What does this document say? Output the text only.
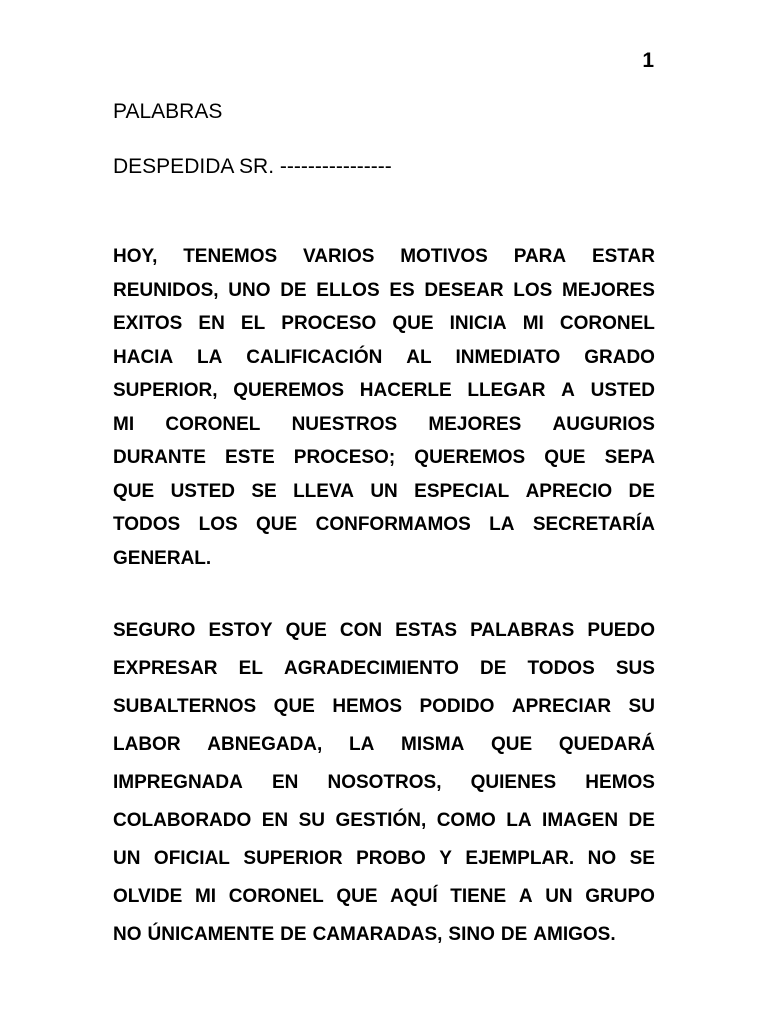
1
PALABRAS
DESPEDIDA SR. ----------------
HOY, TENEMOS VARIOS MOTIVOS PARA ESTAR
REUNIDOS, UNO DE ELLOS ES DESEAR LOS MEJORES
EXITOS EN EL PROCESO QUE INICIA MI CORONEL
HACIA LA CALIFICACIÓN AL INMEDIATO GRADO
SUPERIOR, QUEREMOS HACERLE LLEGAR A USTED
MI CORONEL NUESTROS MEJORES AUGURIOS
DURANTE ESTE PROCESO; QUEREMOS QUE SEPA
QUE USTED SE LLEVA UN ESPECIAL APRECIO DE
TODOS LOS QUE CONFORMAMOS LA SECRETARÍA
GENERAL.
SEGURO ESTOY QUE CON ESTAS PALABRAS PUEDO
EXPRESAR EL AGRADECIMIENTO DE TODOS SUS
SUBALTERNOS QUE HEMOS PODIDO APRECIAR SU
LABOR ABNEGADA, LA MISMA QUE QUEDARÁ
IMPREGNADA EN NOSOTROS, QUIENES HEMOS
COLABORADO EN SU GESTIÓN, COMO LA IMAGEN DE
UN OFICIAL SUPERIOR PROBO Y EJEMPLAR. NO SE
OLVIDE MI CORONEL QUE AQUÍ TIENE A UN GRUPO
NO ÚNICAMENTE DE CAMARADAS, SINO DE AMIGOS.
